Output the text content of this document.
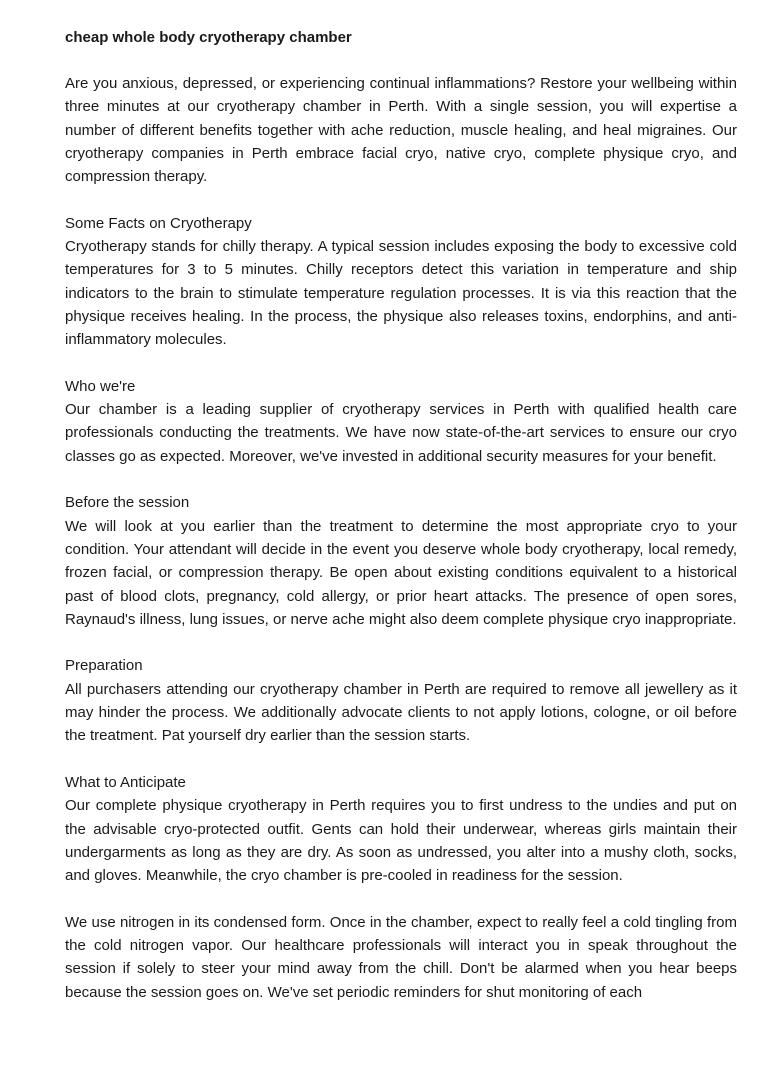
cheap whole body cryotherapy chamber

Are you anxious, depressed, or experiencing continual inflammations? Restore your wellbeing within three minutes at our cryotherapy chamber in Perth. With a single session, you will expertise a number of different benefits together with ache reduction, muscle healing, and heal migraines. Our cryotherapy companies in Perth embrace facial cryo, native cryo, complete physique cryo, and compression therapy.

Some Facts on Cryotherapy

Cryotherapy stands for chilly therapy. A typical session includes exposing the body to excessive cold temperatures for 3 to 5 minutes. Chilly receptors detect this variation in temperature and ship indicators to the brain to stimulate temperature regulation processes. It is via this reaction that the physique receives healing. In the process, the physique also releases toxins, endorphins, and anti-inflammatory molecules.

Who we're

Our chamber is a leading supplier of cryotherapy services in Perth with qualified health care professionals conducting the treatments. We have now state-of-the-art services to ensure our cryo classes go as expected. Moreover, we've invested in additional security measures for your benefit.

Before the session

We will look at you earlier than the treatment to determine the most appropriate cryo to your condition. Your attendant will decide in the event you deserve whole body cryotherapy, local remedy, frozen facial, or compression therapy. Be open about existing conditions equivalent to a historical past of blood clots, pregnancy, cold allergy, or prior heart attacks. The presence of open sores, Raynaud's illness, lung issues, or nerve ache might also deem complete physique cryo inappropriate.

Preparation

All purchasers attending our cryotherapy chamber in Perth are required to remove all jewellery as it may hinder the process. We additionally advocate clients to not apply lotions, cologne, or oil before the treatment. Pat yourself dry earlier than the session starts.

What to Anticipate

Our complete physique cryotherapy in Perth requires you to first undress to the undies and put on the advisable cryo-protected outfit. Gents can hold their underwear, whereas girls maintain their undergarments as long as they are dry. As soon as undressed, you alter into a mushy cloth, socks, and gloves. Meanwhile, the cryo chamber is pre-cooled in readiness for the session.

We use nitrogen in its condensed form. Once in the chamber, expect to really feel a cold tingling from the cold nitrogen vapor. Our healthcare professionals will interact you in speak throughout the session if solely to steer your mind away from the chill. Don't be alarmed when you hear beeps because the session goes on. We've set periodic reminders for shut monitoring of each
